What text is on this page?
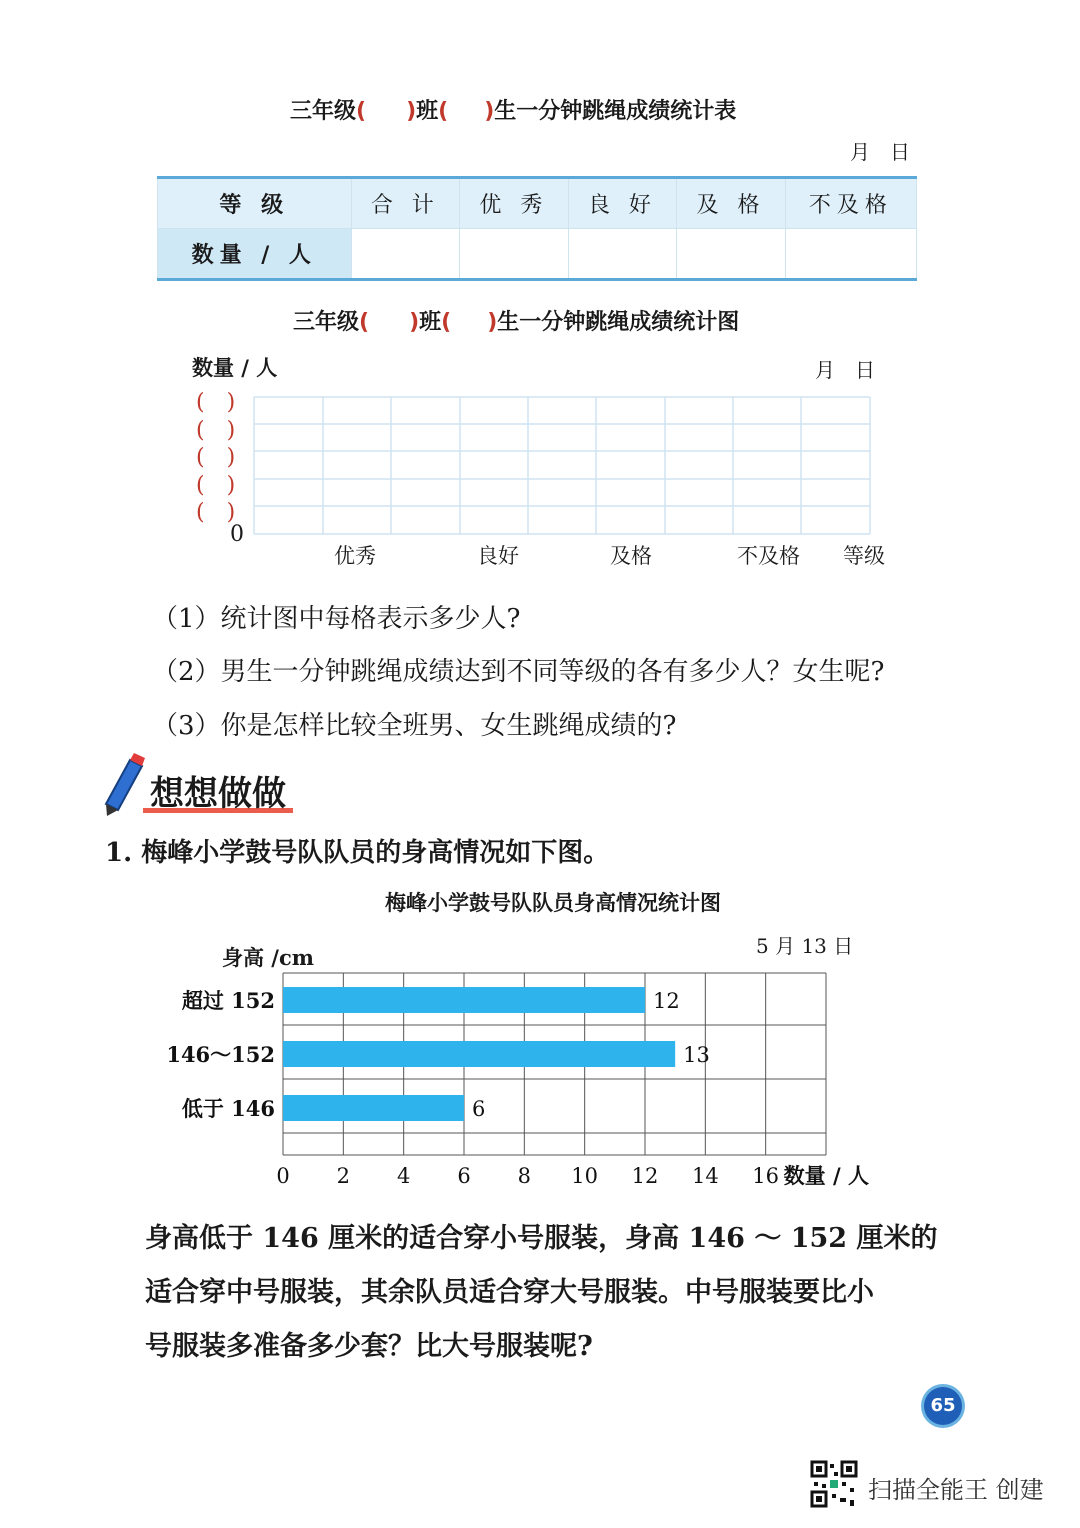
三年级( )班( )生一分钟跳绳成绩统计表
月　日
等 级	合 计	优 秀	良 好	及 格	不及格
数量 / 人					
三年级( )班( )生一分钟跳绳成绩统计图
数量 / 人	月　日
(　)
(　)
(　)
(　)
(　)
0
优秀	良好	及格	不及格 等级
（1）统计图中每格表示多少人?
（2）男生一分钟跳绳成绩达到不同等级的各有多少人？女生呢?
（3）你是怎样比较全班男、女生跳绳成绩的?
想想做做
1. 梅峰小学鼓号队队员的身高情况如下图。
梅峰小学鼓号队队员身高情况统计图
5 月 13 日
身高 /cm
12
超过 152
13
146～152
6
低于 146
0 2 4 6 8 10 12 14 16 数量 / 人
身高低于 146 厘米的适合穿小号服装，身高 146 ～ 152 厘米的
适合穿中号服装，其余队员适合穿大号服装。中号服装要比小
号服装多准备多少套？比大号服装呢?
65
扫描全能王 创建
